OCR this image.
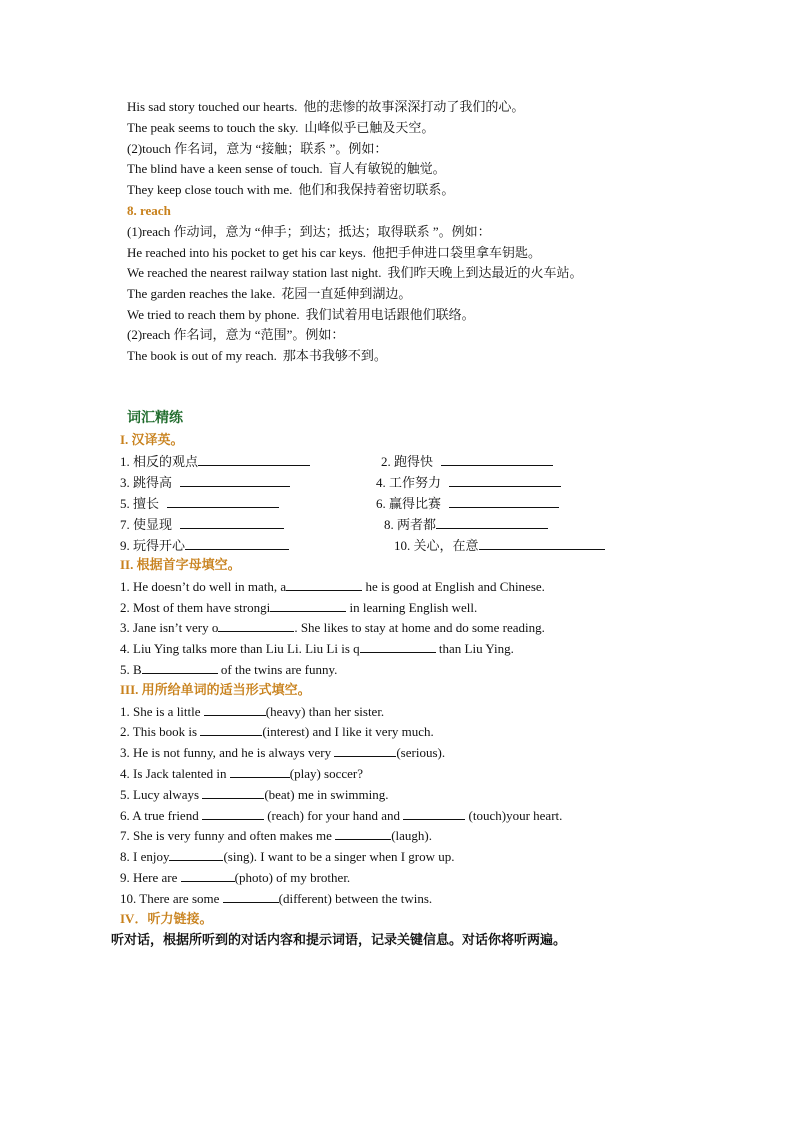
His sad story touched our hearts. 他的悲惨的故事深深打动了我们的心。
The peak seems to touch the sky. 山峰似乎已触及天空。
(2)touch 作名词，意为 “接触；联系 ”。例如：
The blind have a keen sense of touch. 盲人有敏锐的触觉。
They keep close touch with me. 他们和我保持着密切联系。
8. reach
(1)reach 作动词，意为 “伸手；到达；抵达；取得联系 ”。例如：
He reached into his pocket to get his car keys. 他把手伸进口袋里拿车钥匙。
We reached the nearest railway station last night. 我们昨天晚上到达最近的火车站。
The garden reaches the lake. 花园一直延伸到湖边。
We tried to reach them by phone. 我们试着用电话跟他们联络。
(2)reach 作名词，意为 “范围”。例如：
The book is out of my reach. 那本书我够不到。
词汇精练
I. 汉译英。
1. 相反的观点	2. 跑得快
3. 跳得高	4. 工作努力
5. 擅长	6. 赢得比赛
7. 使显现	8. 两者都
9. 玩得开心	10. 关心，在意
II. 根据首字母填空。
1. He doesn’t do well in math, a	he is good at English and Chinese.
2. Most of them have strongi	in learning English well.
3. Jane isn’t very o	. She likes to stay at home and do some reading.
4. Liu Ying talks more than Liu Li. Liu Li is q	than Liu Ying.
5. B	of the twins are funny.
III. 用所给单词的适当形式填空。
1. She is a little	(heavy) than her sister.
2. This book is	(interest) and I like it very much.
3. He is not funny, and he is always very	(serious).
4. Is Jack talented in	(play) soccer?
5. Lucy always	(beat) me in swimming.
6. A true friend	(reach) for your hand and	(touch)your heart.
7. She is very funny and often makes me	(laugh).
8. I enjoy	(sing). I want to be a singer when I grow up.
9. Here are	(photo) of my brother.
10. There are some	(different) between the twins.
IV．听力链接。
听对话，根据所听到的对话内容和提示词语，记录关键信息。对话你将听两遍。
